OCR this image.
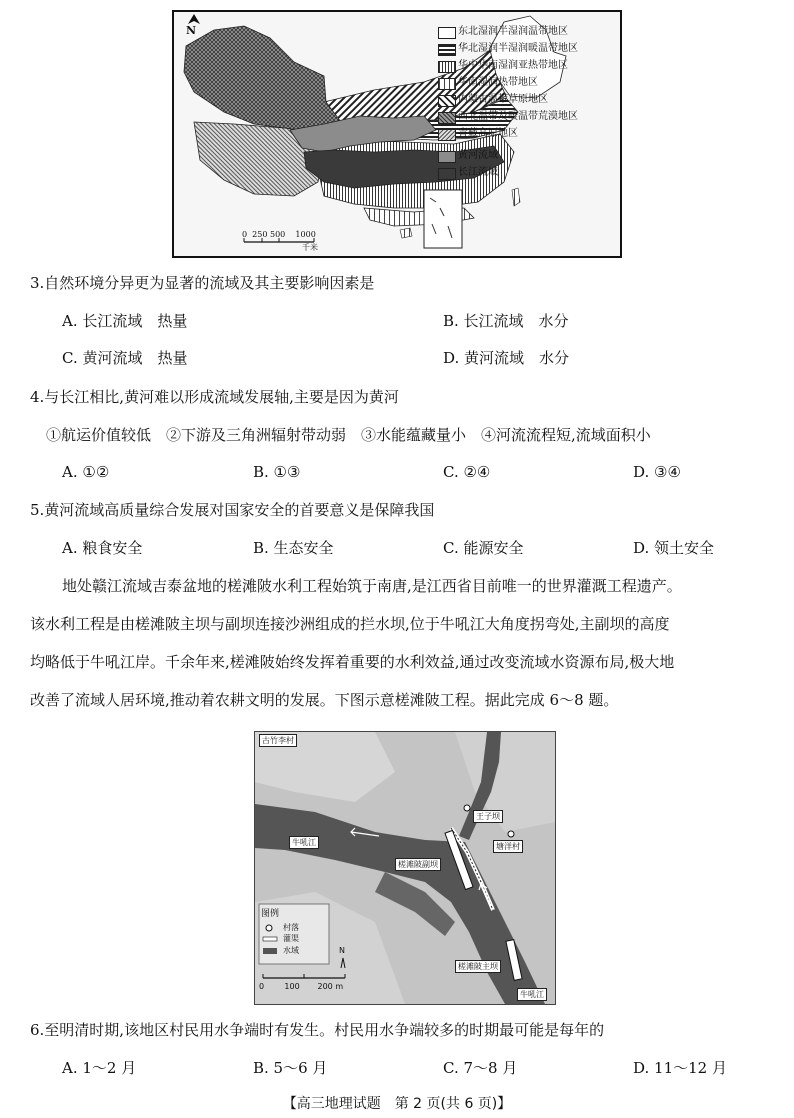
N
0  250 500    1000
千米
东北湿润半湿润温带地区
华北湿润半湿润暖温带地区
华中华南湿润亚热带地区
华南湿润热带地区
内蒙古温带草原地区
西北温带及暖温带荒漠地区
青藏高原地区
黄河流域
长江流域
3.自然环境分异更为显著的流域及其主要影响因素是
A. 长江流域　热量	B. 长江流域　水分
C. 黄河流域　热量	D. 黄河流域　水分
4.与长江相比,黄河难以形成流域发展轴,主要是因为黄河
①航运价值较低　②下游及三角洲辐射带动弱　③水能蕴藏量小　④河流流程短,流域面积小
A. ①②	B. ①③	C. ②④	D. ③④
5.黄河流域高质量综合发展对国家安全的首要意义是保障我国
A. 粮食安全	B. 生态安全	C. 能源安全	D. 领土安全
地处赣江流域吉泰盆地的槎滩陂水利工程始筑于南唐,是江西省目前唯一的世界灌溉工程遗产。
该水利工程是由槎滩陂主坝与副坝连接沙洲组成的拦水坝,位于牛吼江大角度拐弯处,主副坝的高度
均略低于牛吼江岸。千余年来,槎滩陂始终发挥着重要的水利效益,通过改变流域水资源布局,极大地
改善了流域人居环境,推动着农耕文明的发展。下图示意槎滩陂工程。据此完成 6～8 题。
古竹李村
王子坝
塘洋村
牛吼江
牛吼江
槎滩陂副坝
槎滩陂主坝
图例
村落
灌渠
水域	N
0        100       200 m
6.至明清时期,该地区村民用水争端时有发生。村民用水争端较多的时期最可能是每年的
A. 1～2 月	B. 5～6 月	C. 7～8 月	D. 11～12 月
【高三地理试题　第 2 页(共 6 页)】
